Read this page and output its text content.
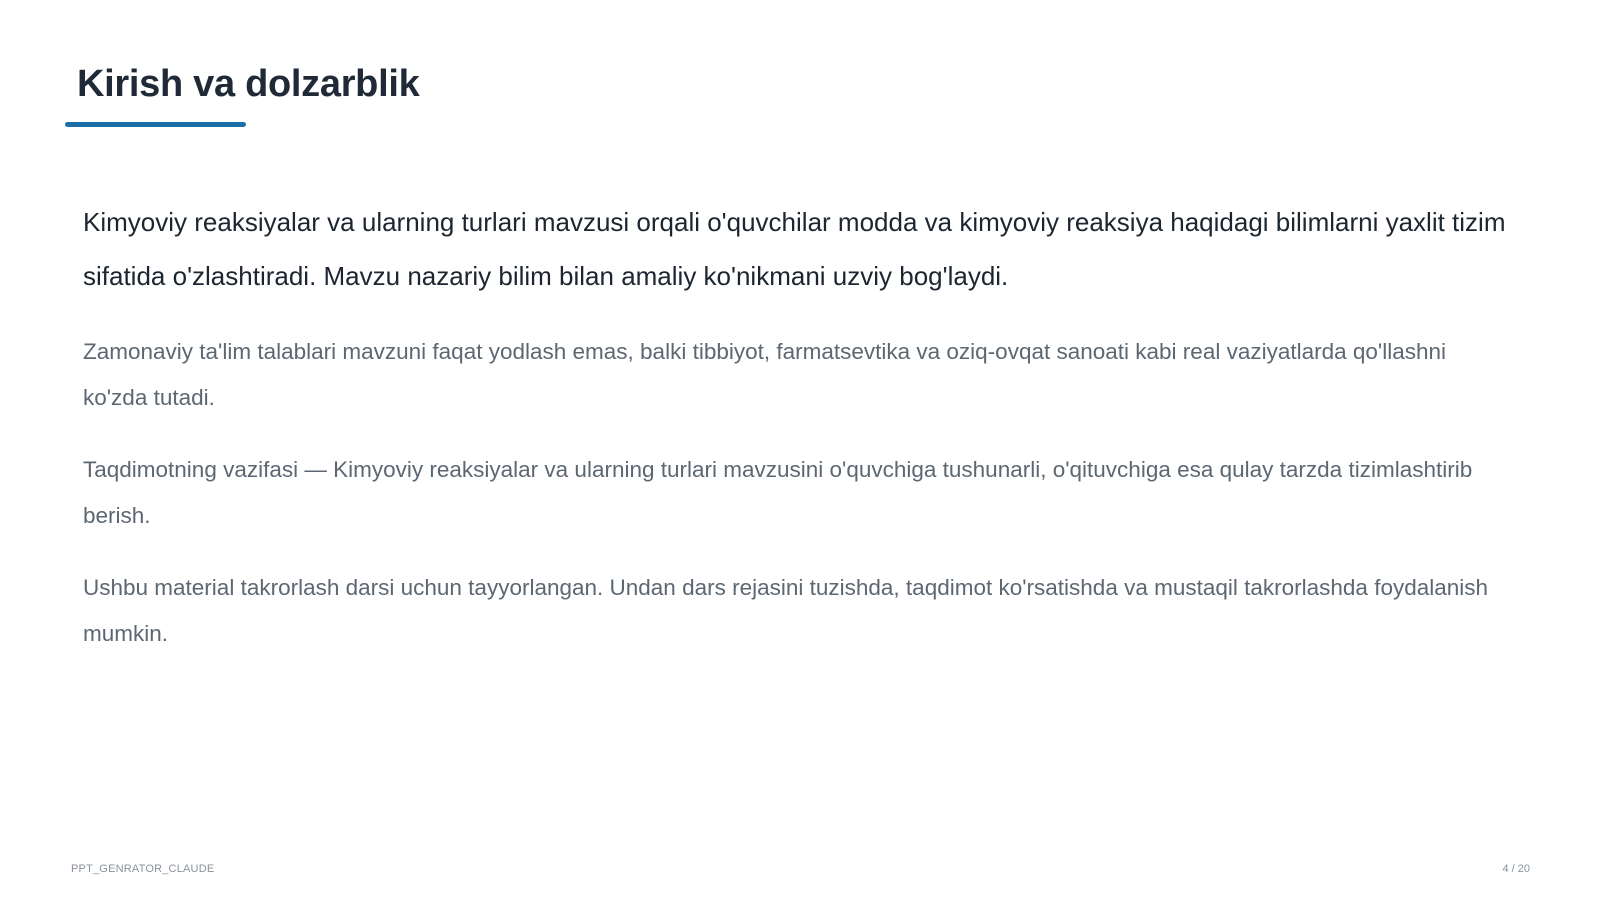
Kirish va dolzarblik

Kimyoviy reaksiyalar va ularning turlari mavzusi orqali o'quvchilar modda va kimyoviy reaksiya haqidagi bilimlarni yaxlit tizim sifatida o'zlashtiradi. Mavzu nazariy bilim bilan amaliy ko'nikmani uzviy bog'laydi.

Zamonaviy ta'lim talablari mavzuni faqat yodlash emas, balki tibbiyot, farmatsevtika va oziq-ovqat sanoati kabi real vaziyatlarda qo'llashni ko'zda tutadi.

Taqdimotning vazifasi — Kimyoviy reaksiyalar va ularning turlari mavzusini o'quvchiga tushunarli, o'qituvchiga esa qulay tarzda tizimlashtirib berish.

Ushbu material takrorlash darsi uchun tayyorlangan. Undan dars rejasini tuzishda, taqdimot ko'rsatishda va mustaqil takrorlashda foydalanish mumkin.

PPT_GENRATOR_CLAUDE	4 / 20
